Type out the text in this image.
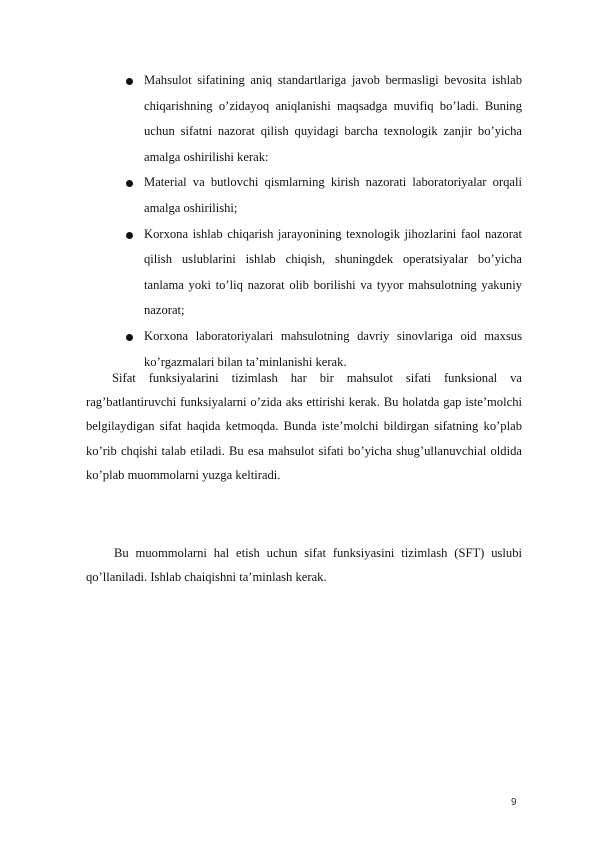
Mahsulot sifatining aniq standartlariga javob bermasligi bevosita ishlab chiqarishning o’zidayoq aniqlanishi maqsadga muvifiq bo’ladi. Buning uchun sifatni nazorat qilish quyidagi barcha texnologik zanjir bo’yicha amalga oshirilishi kerak:
Material va butlovchi qismlarning kirish nazorati laboratoriyalar orqali amalga oshirilishi;
Korxona ishlab chiqarish jarayonining texnologik jihozlarini faol nazorat qilish uslublarini ishlab chiqish, shuningdek operatsiyalar bo’yicha tanlama yoki to’liq nazorat olib borilishi va tyyor mahsulotning yakuniy nazorat;
Korxona laboratoriyalari mahsulotning davriy sinovlariga oid maxsus ko’rgazmalari bilan ta’minlanishi kerak.

Sifat funksiyalarini tizimlash har bir mahsulot sifati funksional va rag’batlantiruvchi funksiyalarni o’zida aks ettirishi kerak. Bu holatda gap iste’molchi belgilaydigan sifat haqida ketmoqda. Bunda iste’molchi bildirgan sifatning ko’plab ko’rib chqishi talab etiladi. Bu esa mahsulot sifati bo’yicha shug’ullanuvchial oldida ko’plab muommolarni yuzga keltiradi.

Bu muommolarni hal etish uchun sifat funksiyasini tizimlash (SFT) uslubi qo’llaniladi. Ishlab chaiqishni ta’minlash kerak.

9
